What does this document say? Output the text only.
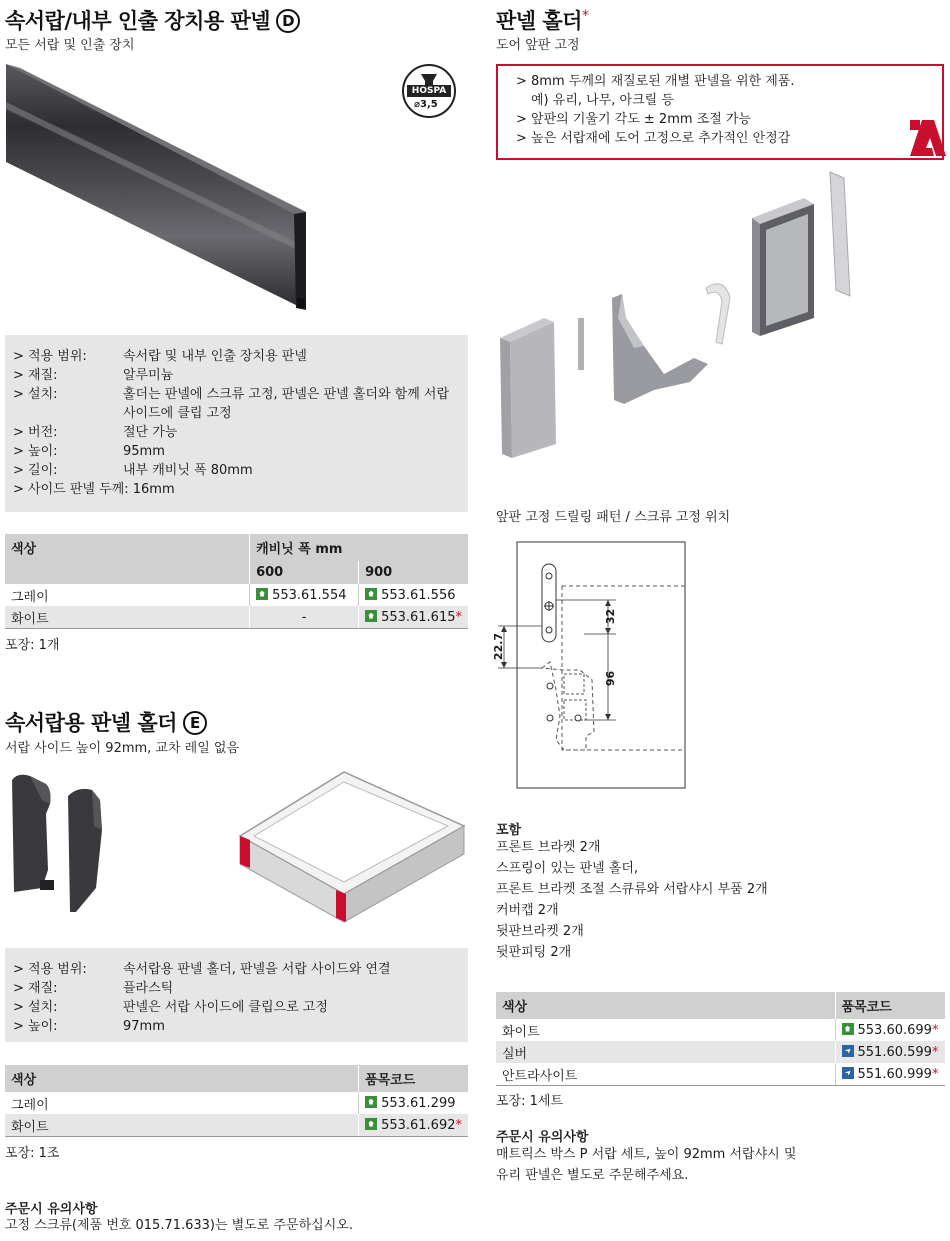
속서랍/내부 인출 장치용 판넬 D
모든 서랍 및 인출 장치
HOSPA
⌀3,5
> 적용 범위:	속서랍 및 내부 인출 장치용 판넬
> 재질:	알루미늄
> 설치:	홀더는 판넬에 스크류 고정, 판넬은 판넬 홀더와 함께 서랍 사이드에 클립 고정
> 버전:	절단 가능
> 높이:	95mm
> 길이:	내부 캐비닛 폭 80mm
> 사이드 판넬 두께: 16mm
색상	캐비닛 폭 mm	
	600	900
그레이	553.61.554	553.61.556
화이트	-	553.61.615*
포장: 1개
속서랍용 판넬 홀더 E
서랍 사이드 높이 92mm, 교차 레일 없음
> 적용 범위:	속서랍용 판넬 홀더, 판넬을 서랍 사이드와 연결
> 재질:	플라스틱
> 설치:	판넬은 서랍 사이드에 클립으로 고정
> 높이:	97mm
색상	품목코드
그레이	553.61.299
화이트	553.61.692*
포장: 1조
주문시 유의사항
고정 스크류(제품 번호 015.71.633)는 별도로 주문하십시오.
판넬 홀더*
도어 앞판 고정
> 8mm 두께의 재질로된 개별 판넬을 위한 제품.
예) 유리, 나무, 아크릴 등
> 앞판의 기울기 각도 ± 2mm 조절 가능
> 높은 서랍재에 도어 고정으로 추가적인 안정감
앞판 고정 드릴링 패턴 / 스크류 고정 위치
32
96
22.7
포함
프론트 브라켓 2개
스프링이 있는 판넬 홀더,
프론트 브라켓 조절 스큐류와 서랍샤시 부품 2개
커버캡 2개
뒷판브라켓 2개
뒷판피팅 2개
색상	품목코드
화이트	553.60.699*
실버	551.60.599*
안트라사이트	551.60.999*
포장: 1세트
주문시 유의사항
매트릭스 박스 P 서랍 세트, 높이 92mm 서랍샤시 및
유리 판넬은 별도로 주문해주세요.
